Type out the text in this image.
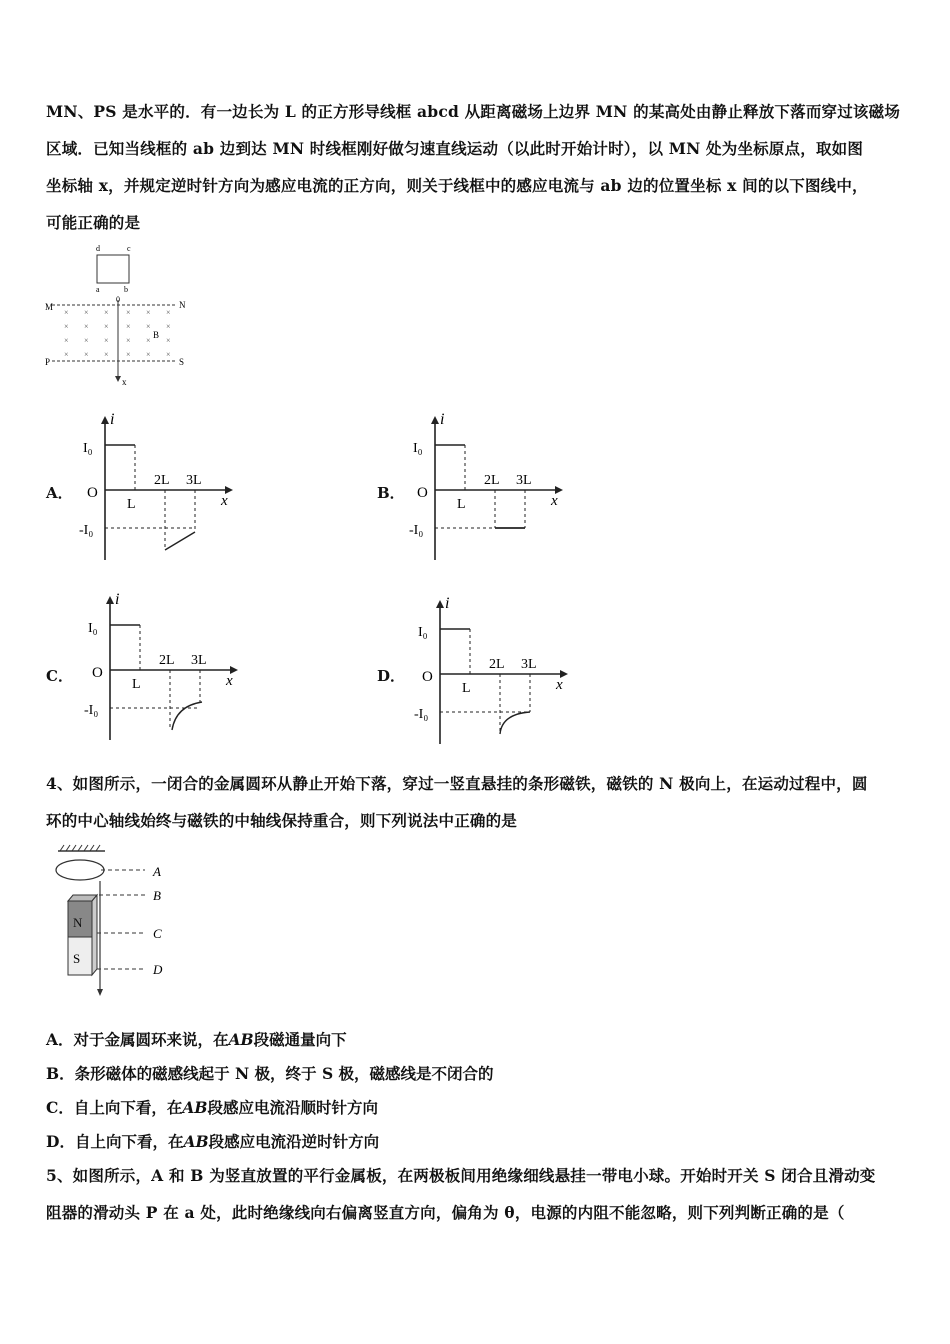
MN、PS 是水平的．有一边长为 L 的正方形导线框 abcd 从距离磁场上边界 MN 的某高处由静止释放下落而穿过该磁场
区域．已知当线框的 ab 边到达 MN 时线框刚好做匀速直线运动（以此时开始计时），以 MN 处为坐标原点，取如图
坐标轴 x，并规定逆时针方向为感应电流的正方向，则关于线框中的感应电流与 ab 边的位置坐标 x 间的以下图线中，
可能正确的是
d	c
a	b
0
M	N
P	S
B
x
× × × × × ×
× × × × × ×
× × × × × ×
× × × × × ×
A．	B．
C．	D．
i
I₀
-I₀
O
L
2L 3L
x
i
I₀
-I₀
O
L
2L 3L
x
i
I₀
-I₀
O
L
2L 3L
x
i
I₀
-I₀
O
L
2L 3L
x
4、如图所示，一闭合的金属圆环从静止开始下落，穿过一竖直悬挂的条形磁铁，磁铁的 N 极向上，在运动过程中，圆
环的中心轴线始终与磁铁的中轴线保持重合，则下列说法中正确的是
A
N
S
B
C
D
A．对于金属圆环来说，在AB段磁通量向下
B．条形磁体的磁感线起于 N 极，终于 S 极，磁感线是不闭合的
C．自上向下看，在AB段感应电流沿顺时针方向
D．自上向下看，在AB段感应电流沿逆时针方向
5、如图所示，A 和 B 为竖直放置的平行金属板，在两极板间用绝缘细线悬挂一带电小球。开始时开关 S 闭合且滑动变
阻器的滑动头 P 在 a 处，此时绝缘线向右偏离竖直方向，偏角为 θ，电源的内阻不能忽略，则下列判断正确的是（
